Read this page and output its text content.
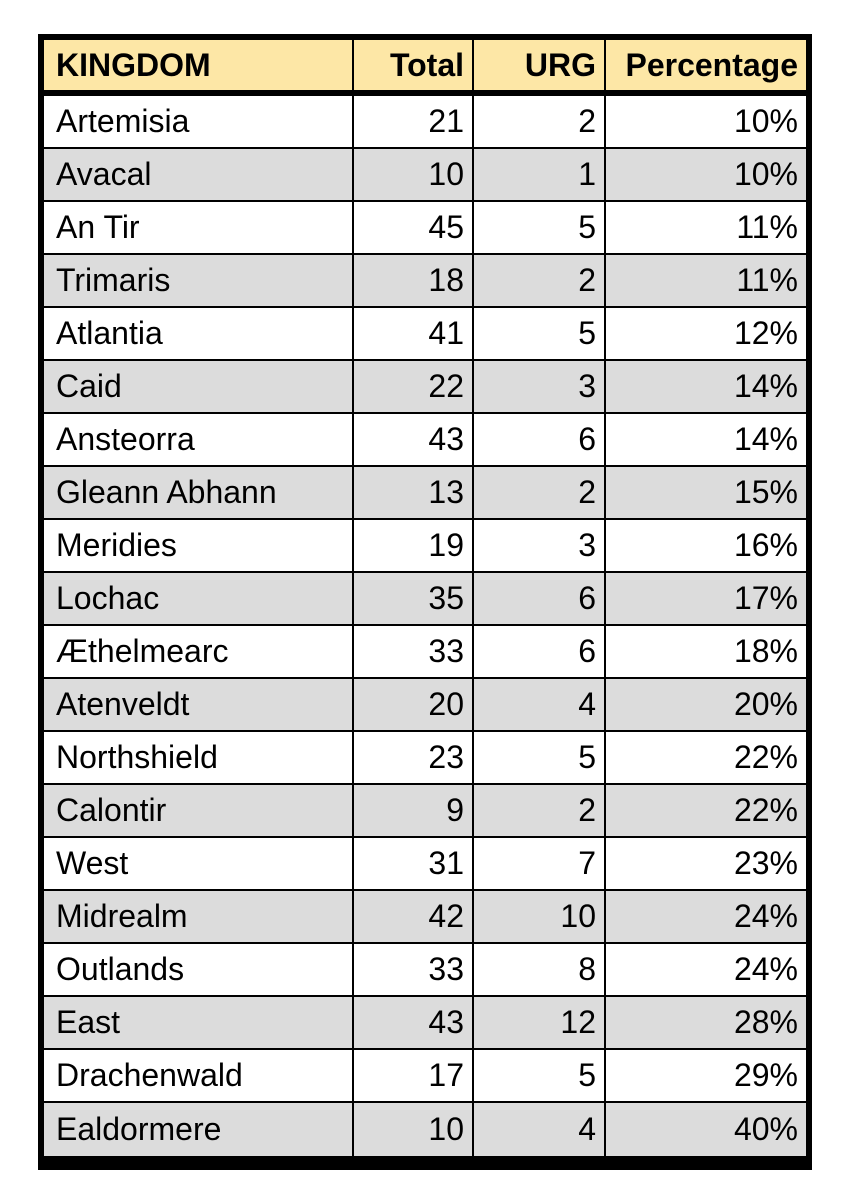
KINGDOM	Total	URG	Percentage
Artemisia	21	2	10%
Avacal	10	1	10%
An Tir	45	5	11%
Trimaris	18	2	11%
Atlantia	41	5	12%
Caid	22	3	14%
Ansteorra	43	6	14%
Gleann Abhann	13	2	15%
Meridies	19	3	16%
Lochac	35	6	17%
Æthelmearc	33	6	18%
Atenveldt	20	4	20%
Northshield	23	5	22%
Calontir	9	2	22%
West	31	7	23%
Midrealm	42	10	24%
Outlands	33	8	24%
East	43	12	28%
Drachenwald	17	5	29%
Ealdormere	10	4	40%
